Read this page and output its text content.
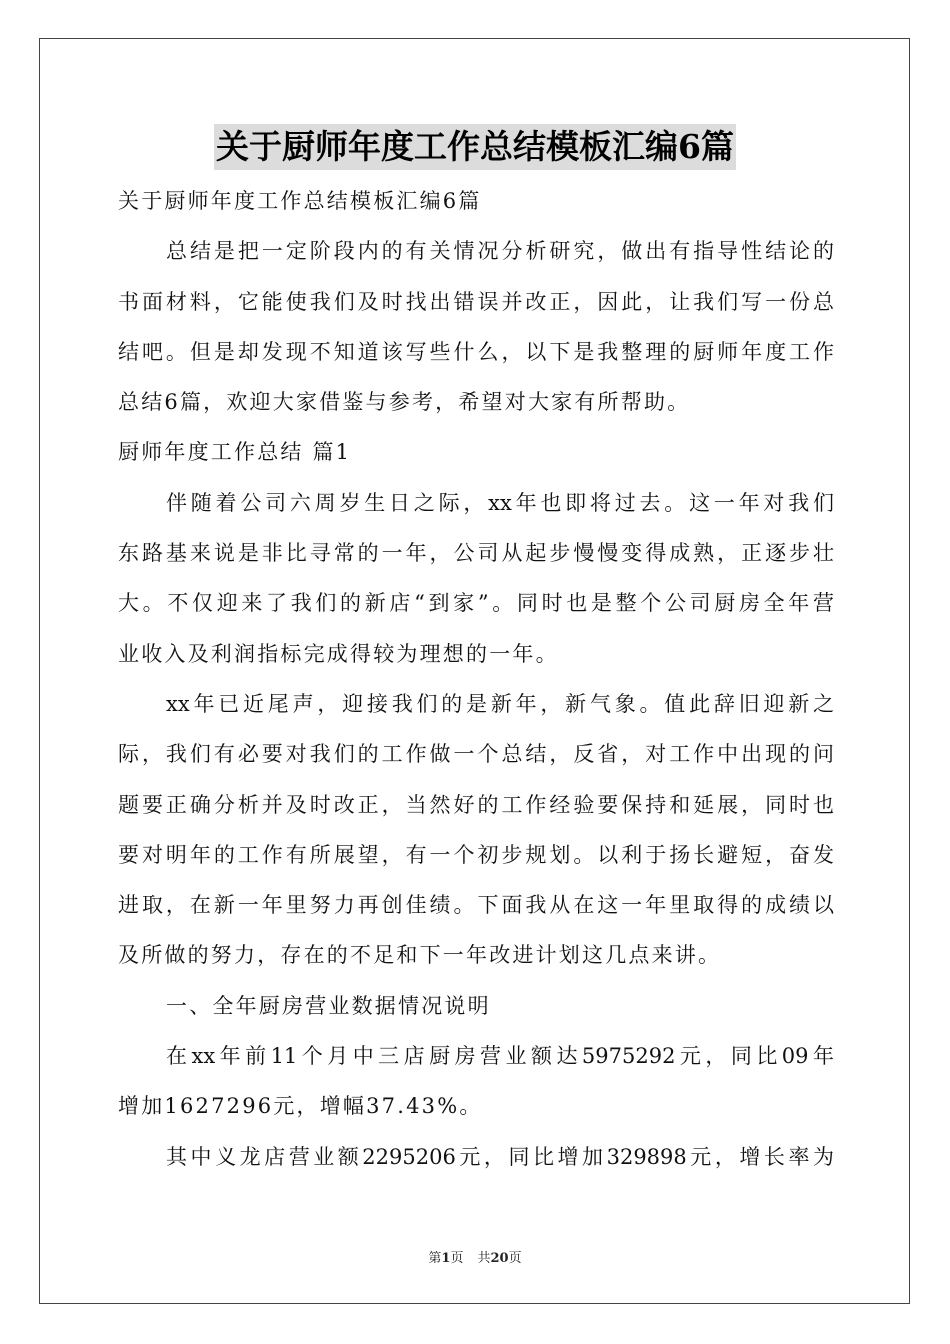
关于厨师年度工作总结模板汇编6篇
关于厨师年度工作总结模板汇编6篇
总结是把一定阶段内的有关情况分析研究，做出有指导性结论的
书面材料，它能使我们及时找出错误并改正，因此，让我们写一份总
结吧。但是却发现不知道该写些什么，以下是我整理的厨师年度工作
总结6篇，欢迎大家借鉴与参考，希望对大家有所帮助。
厨师年度工作总结 篇1
伴随着公司六周岁生日之际，xx年也即将过去。这一年对我们
东路基来说是非比寻常的一年，公司从起步慢慢变得成熟，正逐步壮
大。不仅迎来了我们的新店“到家”。同时也是整个公司厨房全年营
业收入及利润指标完成得较为理想的一年。
xx年已近尾声，迎接我们的是新年，新气象。值此辞旧迎新之
际，我们有必要对我们的工作做一个总结，反省，对工作中出现的问
题要正确分析并及时改正，当然好的工作经验要保持和延展，同时也
要对明年的工作有所展望，有一个初步规划。以利于扬长避短，奋发
进取，在新一年里努力再创佳绩。下面我从在这一年里取得的成绩以
及所做的努力，存在的不足和下一年改进计划这几点来讲。
一、全年厨房营业数据情况说明
在xx年前11个月中三店厨房营业额达5975292元，同比09年
增加1627296元，增幅37.43%。
其中义龙店营业额2295206元，同比增加329898元，增长率为
第1页 共20页
